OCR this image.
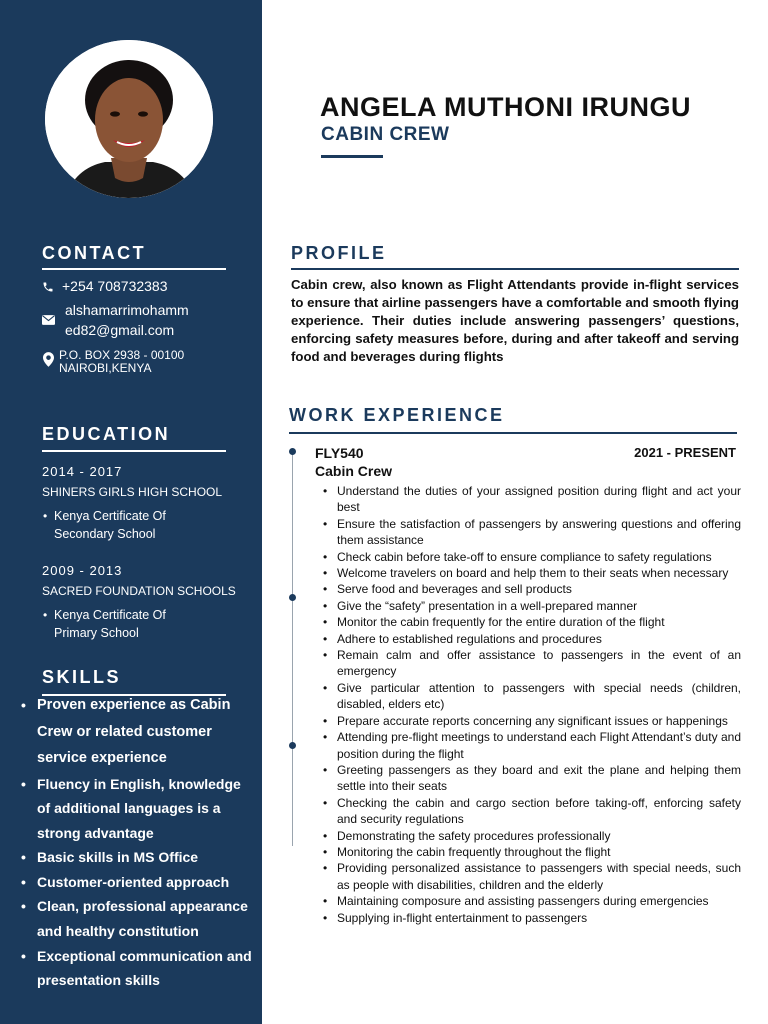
CONTACT
+254 708732383
alshamarrimohamm
ed82@gmail.com
P.O. BOX 2938 - 00100
NAIROBI,KENYA
EDUCATION
2014 - 2017
SHINERS GIRLS HIGH SCHOOL
• Kenya Certificate Of
Secondary School
2009 - 2013
SACRED FOUNDATION SCHOOLS
• Kenya Certificate Of
Primary School
SKILLS
• Proven experience as Cabin
Crew or related customer
service experience
• Fluency in English, knowledge
of additional languages is a
strong advantage
• Basic skills in MS Office
• Customer-oriented approach
• Clean, professional appearance
and healthy constitution
• Exceptional communication and
presentation skills
ANGELA MUTHONI IRUNGU
CABIN CREW
PROFILE
Cabin crew, also known as Flight Attendants provide in-flight services to ensure that airline passengers have a comfortable and smooth flying experience. Their duties include answering passengers’ questions, enforcing safety measures before, during and after takeoff and serving food and beverages during flights
WORK EXPERIENCE
FLY540	2021 - PRESENT
Cabin Crew
• Understand the duties of your assigned position during flight and act your best
• Ensure the satisfaction of passengers by answering questions and offering them assistance
• Check cabin before take-off to ensure compliance to safety regulations
• Welcome travelers on board and help them to their seats when necessary
• Serve food and beverages and sell products
• Give the “safety” presentation in a well-prepared manner
• Monitor the cabin frequently for the entire duration of the flight
• Adhere to established regulations and procedures
• Remain calm and offer assistance to passengers in the event of an emergency
• Give particular attention to passengers with special needs (children, disabled, elders etc)
• Prepare accurate reports concerning any significant issues or happenings
• Attending pre-flight meetings to understand each Flight Attendant’s duty and position during the flight
• Greeting passengers as they board and exit the plane and helping them settle into their seats
• Checking the cabin and cargo section before taking-off, enforcing safety and security regulations
• Demonstrating the safety procedures professionally
• Monitoring the cabin frequently throughout the flight
• Providing personalized assistance to passengers with special needs, such as people with disabilities, children and the elderly
• Maintaining composure and assisting passengers during emergencies
• Supplying in-flight entertainment to passengers
